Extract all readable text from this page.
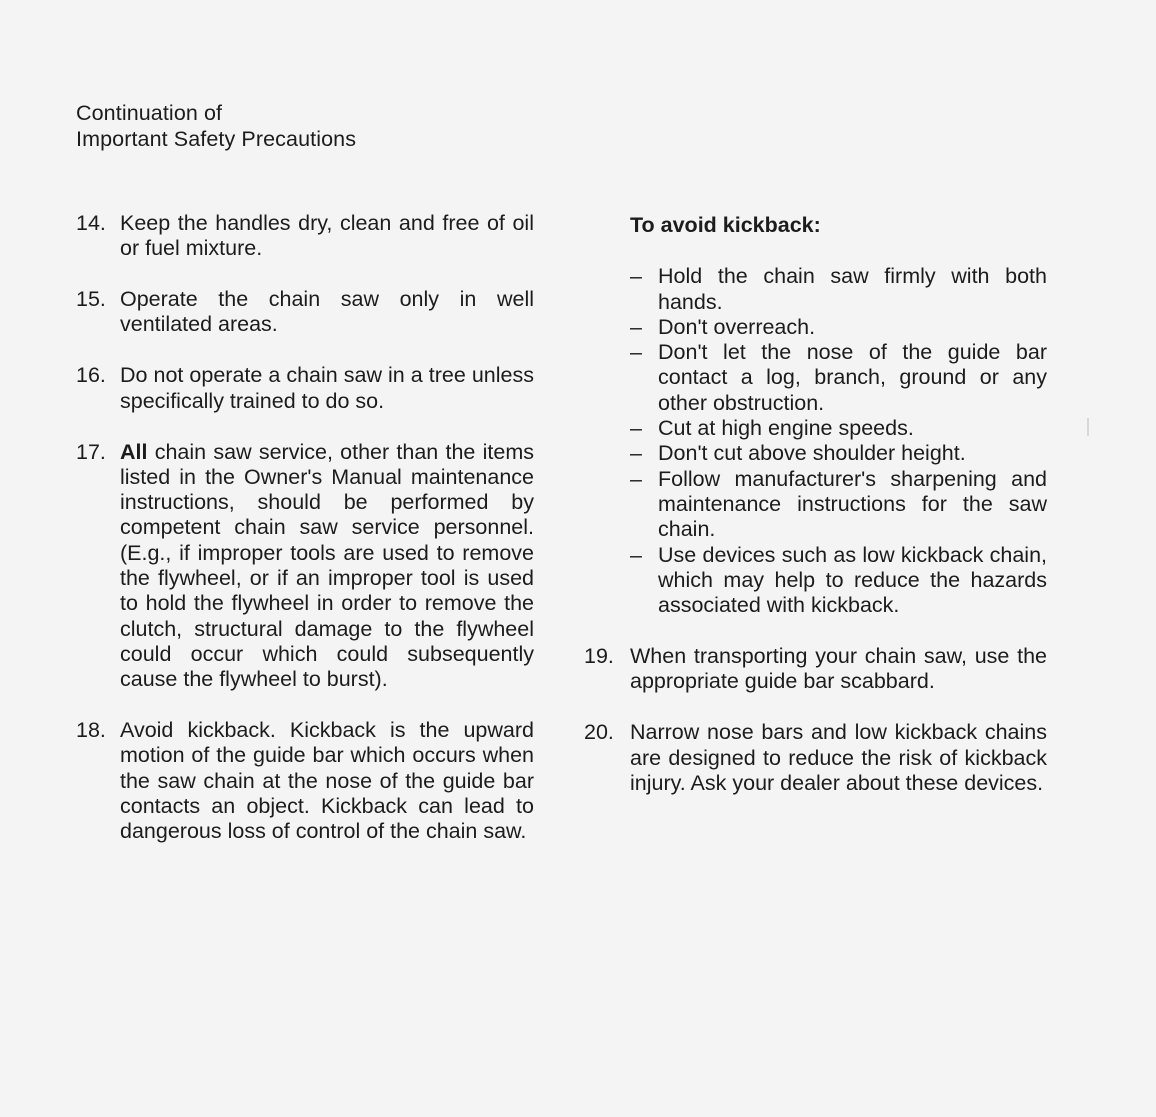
Continuation of
Important Safety Precautions
14. Keep the handles dry, clean and free of oil or fuel mixture.
15. Operate the chain saw only in well ventilated areas.
16. Do not operate a chain saw in a tree unless specifically trained to do so.
17. All chain saw service, other than the items listed in the Owner's Manual maintenance instructions, should be performed by competent chain saw service personnel. (E.g., if improper tools are used to remove the flywheel, or if an improper tool is used to hold the flywheel in order to remove the clutch, structural damage to the flywheel could occur which could subsequently cause the flywheel to burst).
18. Avoid kickback. Kickback is the upward motion of the guide bar which occurs when the saw chain at the nose of the guide bar contacts an object. Kickback can lead to dangerous loss of control of the chain saw.
To avoid kickback:
– Hold the chain saw firmly with both hands.
– Don't overreach.
– Don't let the nose of the guide bar contact a log, branch, ground or any other obstruction.
– Cut at high engine speeds.
– Don't cut above shoulder height.
– Follow manufacturer's sharpening and maintenance instructions for the saw chain.
– Use devices such as low kickback chain, which may help to reduce the hazards associated with kickback.
19. When transporting your chain saw, use the appropriate guide bar scabbard.
20. Narrow nose bars and low kickback chains are designed to reduce the risk of kickback injury. Ask your dealer about these devices.
